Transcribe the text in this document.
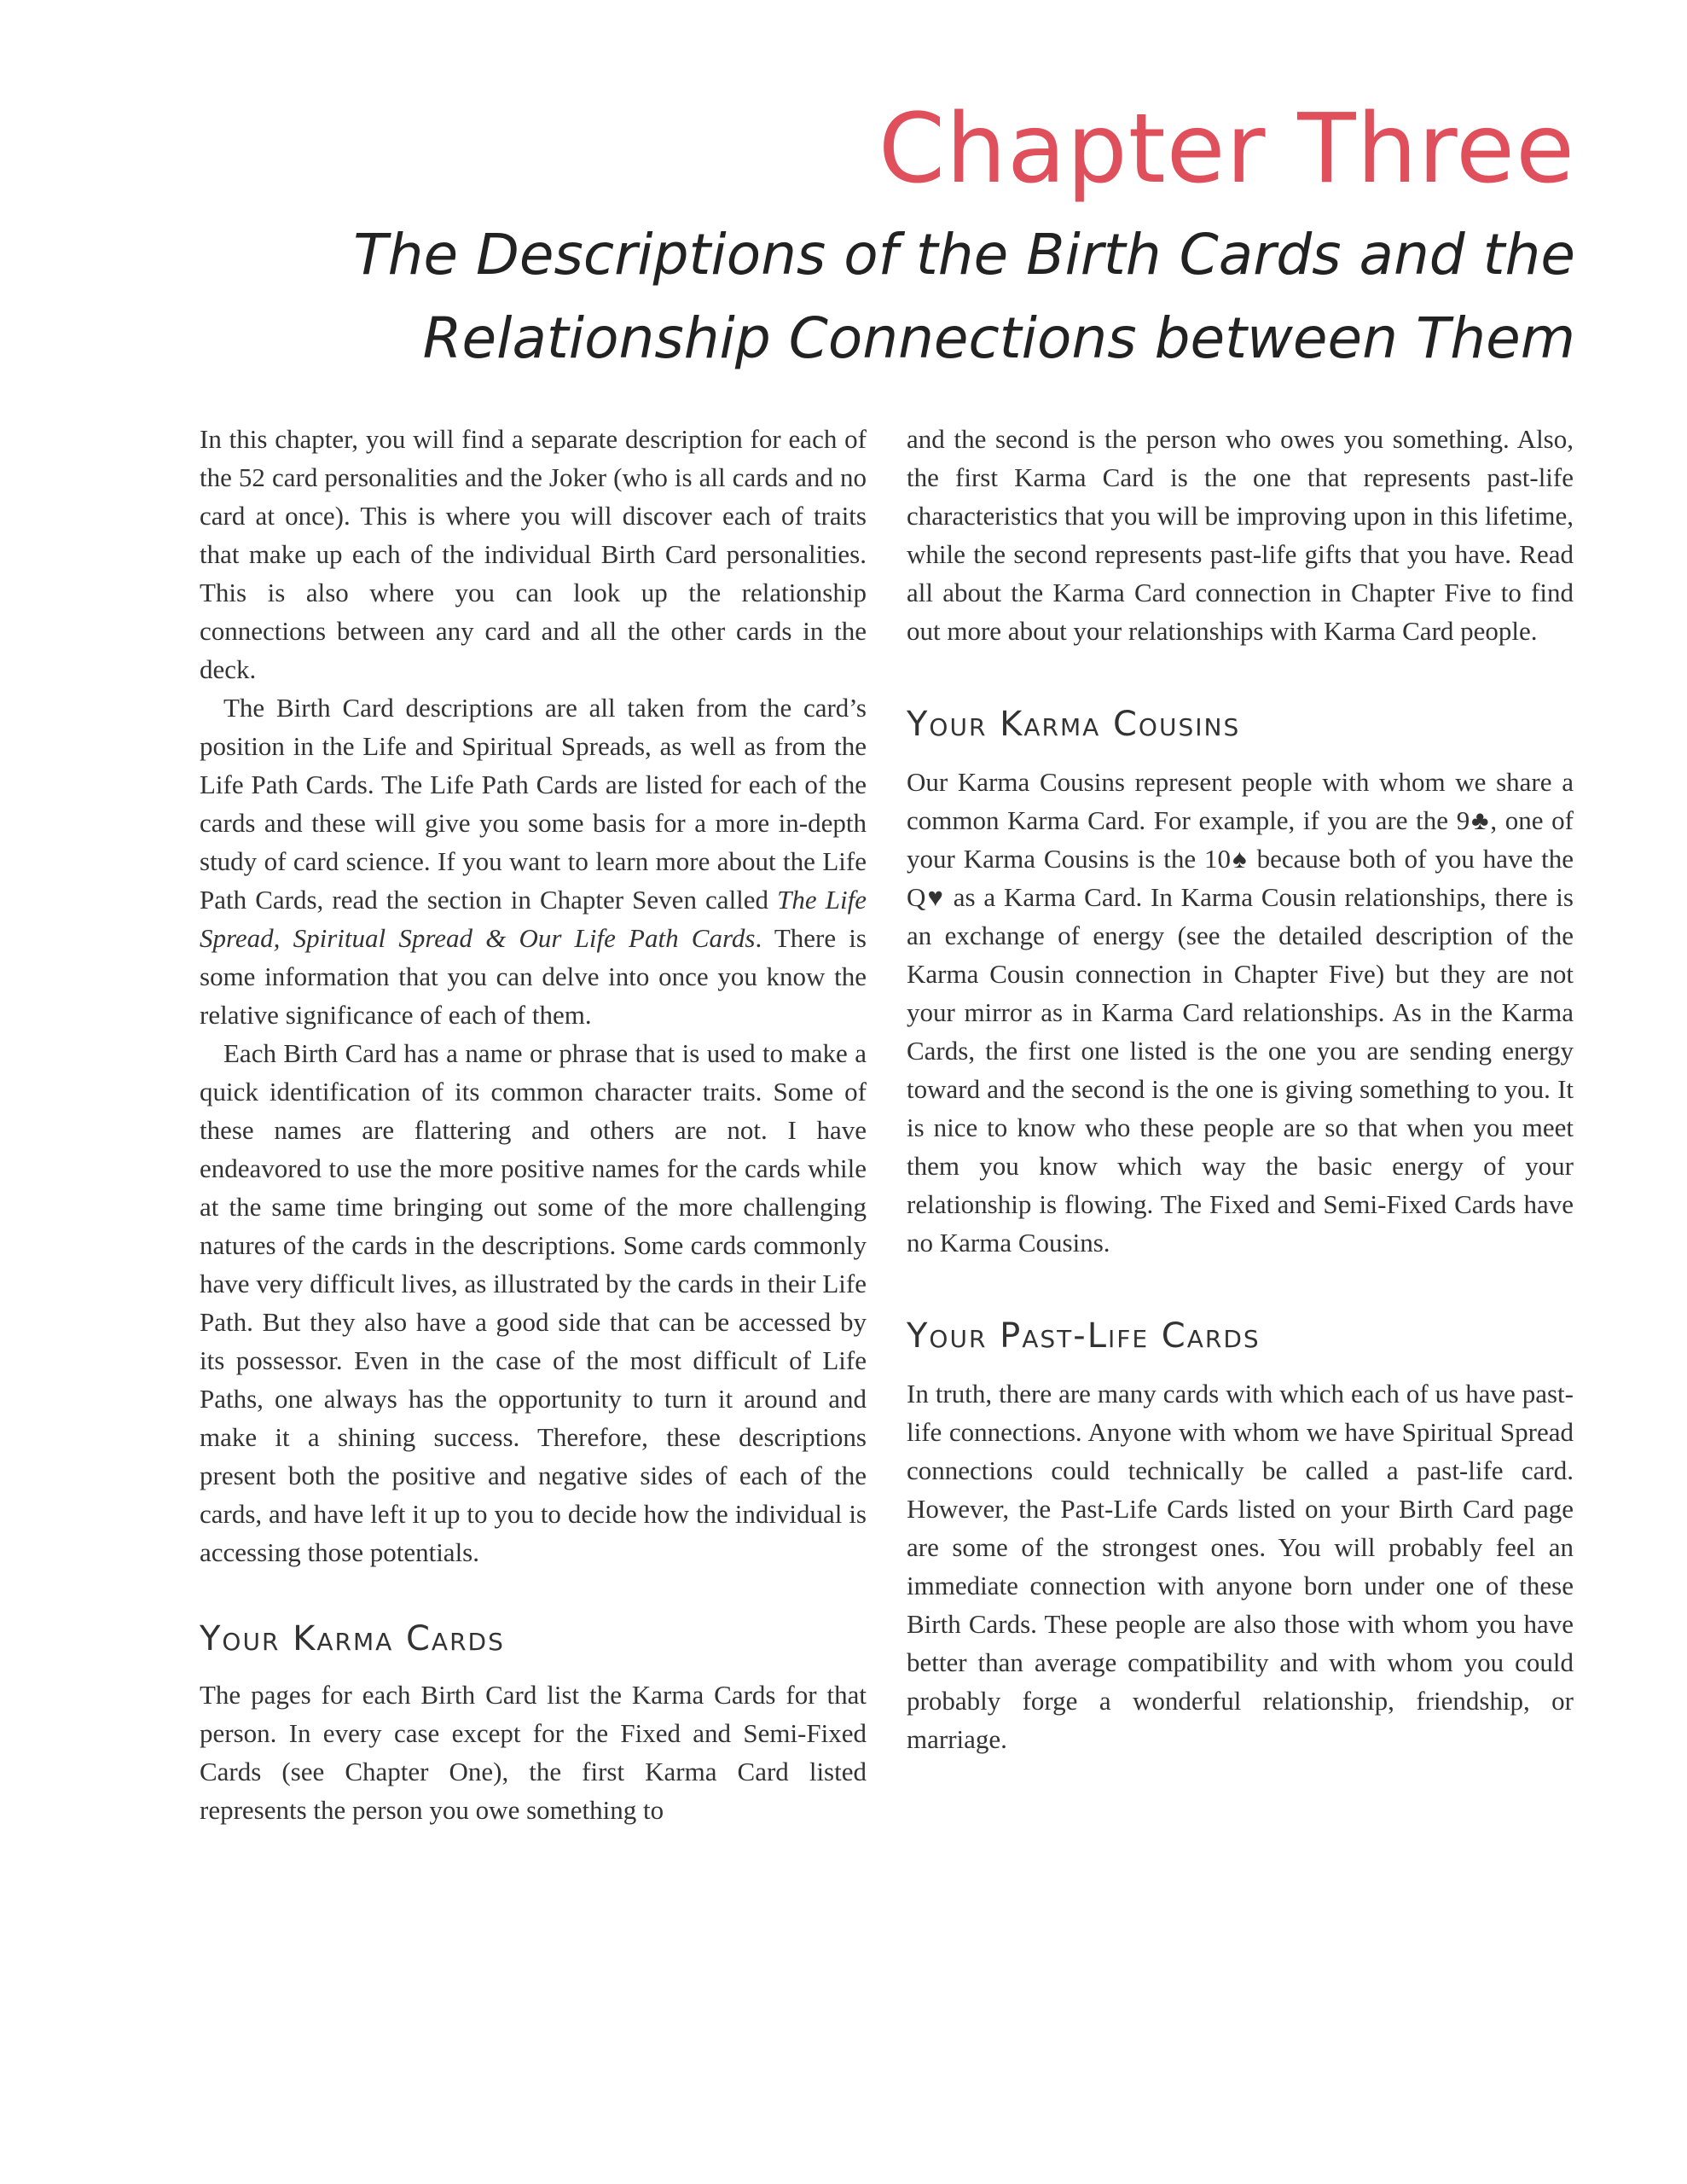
Chapter Three
The Descriptions of the Birth Cards and the
Relationship Connections between Them

In this chapter, you will find a separate description for each of the 52 card personalities and the Joker (who is all cards and no card at once). This is where you will discover each of traits that make up each of the individual Birth Card personalities. This is also where you can look up the relationship connections between any card and all the other cards in the deck.

The Birth Card descriptions are all taken from the card’s position in the Life and Spiritual Spreads, as well as from the Life Path Cards. The Life Path Cards are listed for each of the cards and these will give you some basis for a more in-depth study of card science. If you want to learn more about the Life Path Cards, read the section in Chapter Seven called The Life Spread, Spiritual Spread & Our Life Path Cards. There is some information that you can delve into once you know the relative significance of each of them.

Each Birth Card has a name or phrase that is used to make a quick identification of its common character traits. Some of these names are flattering and others are not. I have endeavored to use the more positive names for the cards while at the same time bringing out some of the more challenging natures of the cards in the descriptions. Some cards commonly have very difficult lives, as illustrated by the cards in their Life Path. But they also have a good side that can be accessed by its possessor. Even in the case of the most difficult of Life Paths, one always has the opportunity to turn it around and make it a shining success. Therefore, these descriptions present both the positive and negative sides of each of the cards, and have left it up to you to decide how the individual is accessing those potentials.

Your Karma Cards

The pages for each Birth Card list the Karma Cards for that person. In every case except for the Fixed and Semi-Fixed Cards (see Chapter One), the first Karma Card listed represents the person you owe something to

and the second is the person who owes you something. Also, the first Karma Card is the one that represents past-life characteristics that you will be improving upon in this lifetime, while the second represents past-life gifts that you have. Read all about the Karma Card connection in Chapter Five to find out more about your relationships with Karma Card people.

Your Karma Cousins

Our Karma Cousins represent people with whom we share a common Karma Card. For example, if you are the 9♣, one of your Karma Cousins is the 10♠ because both of you have the Q♥ as a Karma Card. In Karma Cousin relationships, there is an exchange of energy (see the detailed description of the Karma Cousin connection in Chapter Five) but they are not your mirror as in Karma Card relationships. As in the Karma Cards, the first one listed is the one you are sending energy toward and the second is the one is giving something to you. It is nice to know who these people are so that when you meet them you know which way the basic energy of your relationship is flowing. The Fixed and Semi-Fixed Cards have no Karma Cousins.

Your Past-Life Cards

In truth, there are many cards with which each of us have past-life connections. Anyone with whom we have Spiritual Spread connections could technically be called a past-life card. However, the Past-Life Cards listed on your Birth Card page are some of the strongest ones. You will probably feel an immediate connection with anyone born under one of these Birth Cards. These people are also those with whom you have better than average compatibility and with whom you could probably forge a wonderful relationship, friendship, or marriage.
